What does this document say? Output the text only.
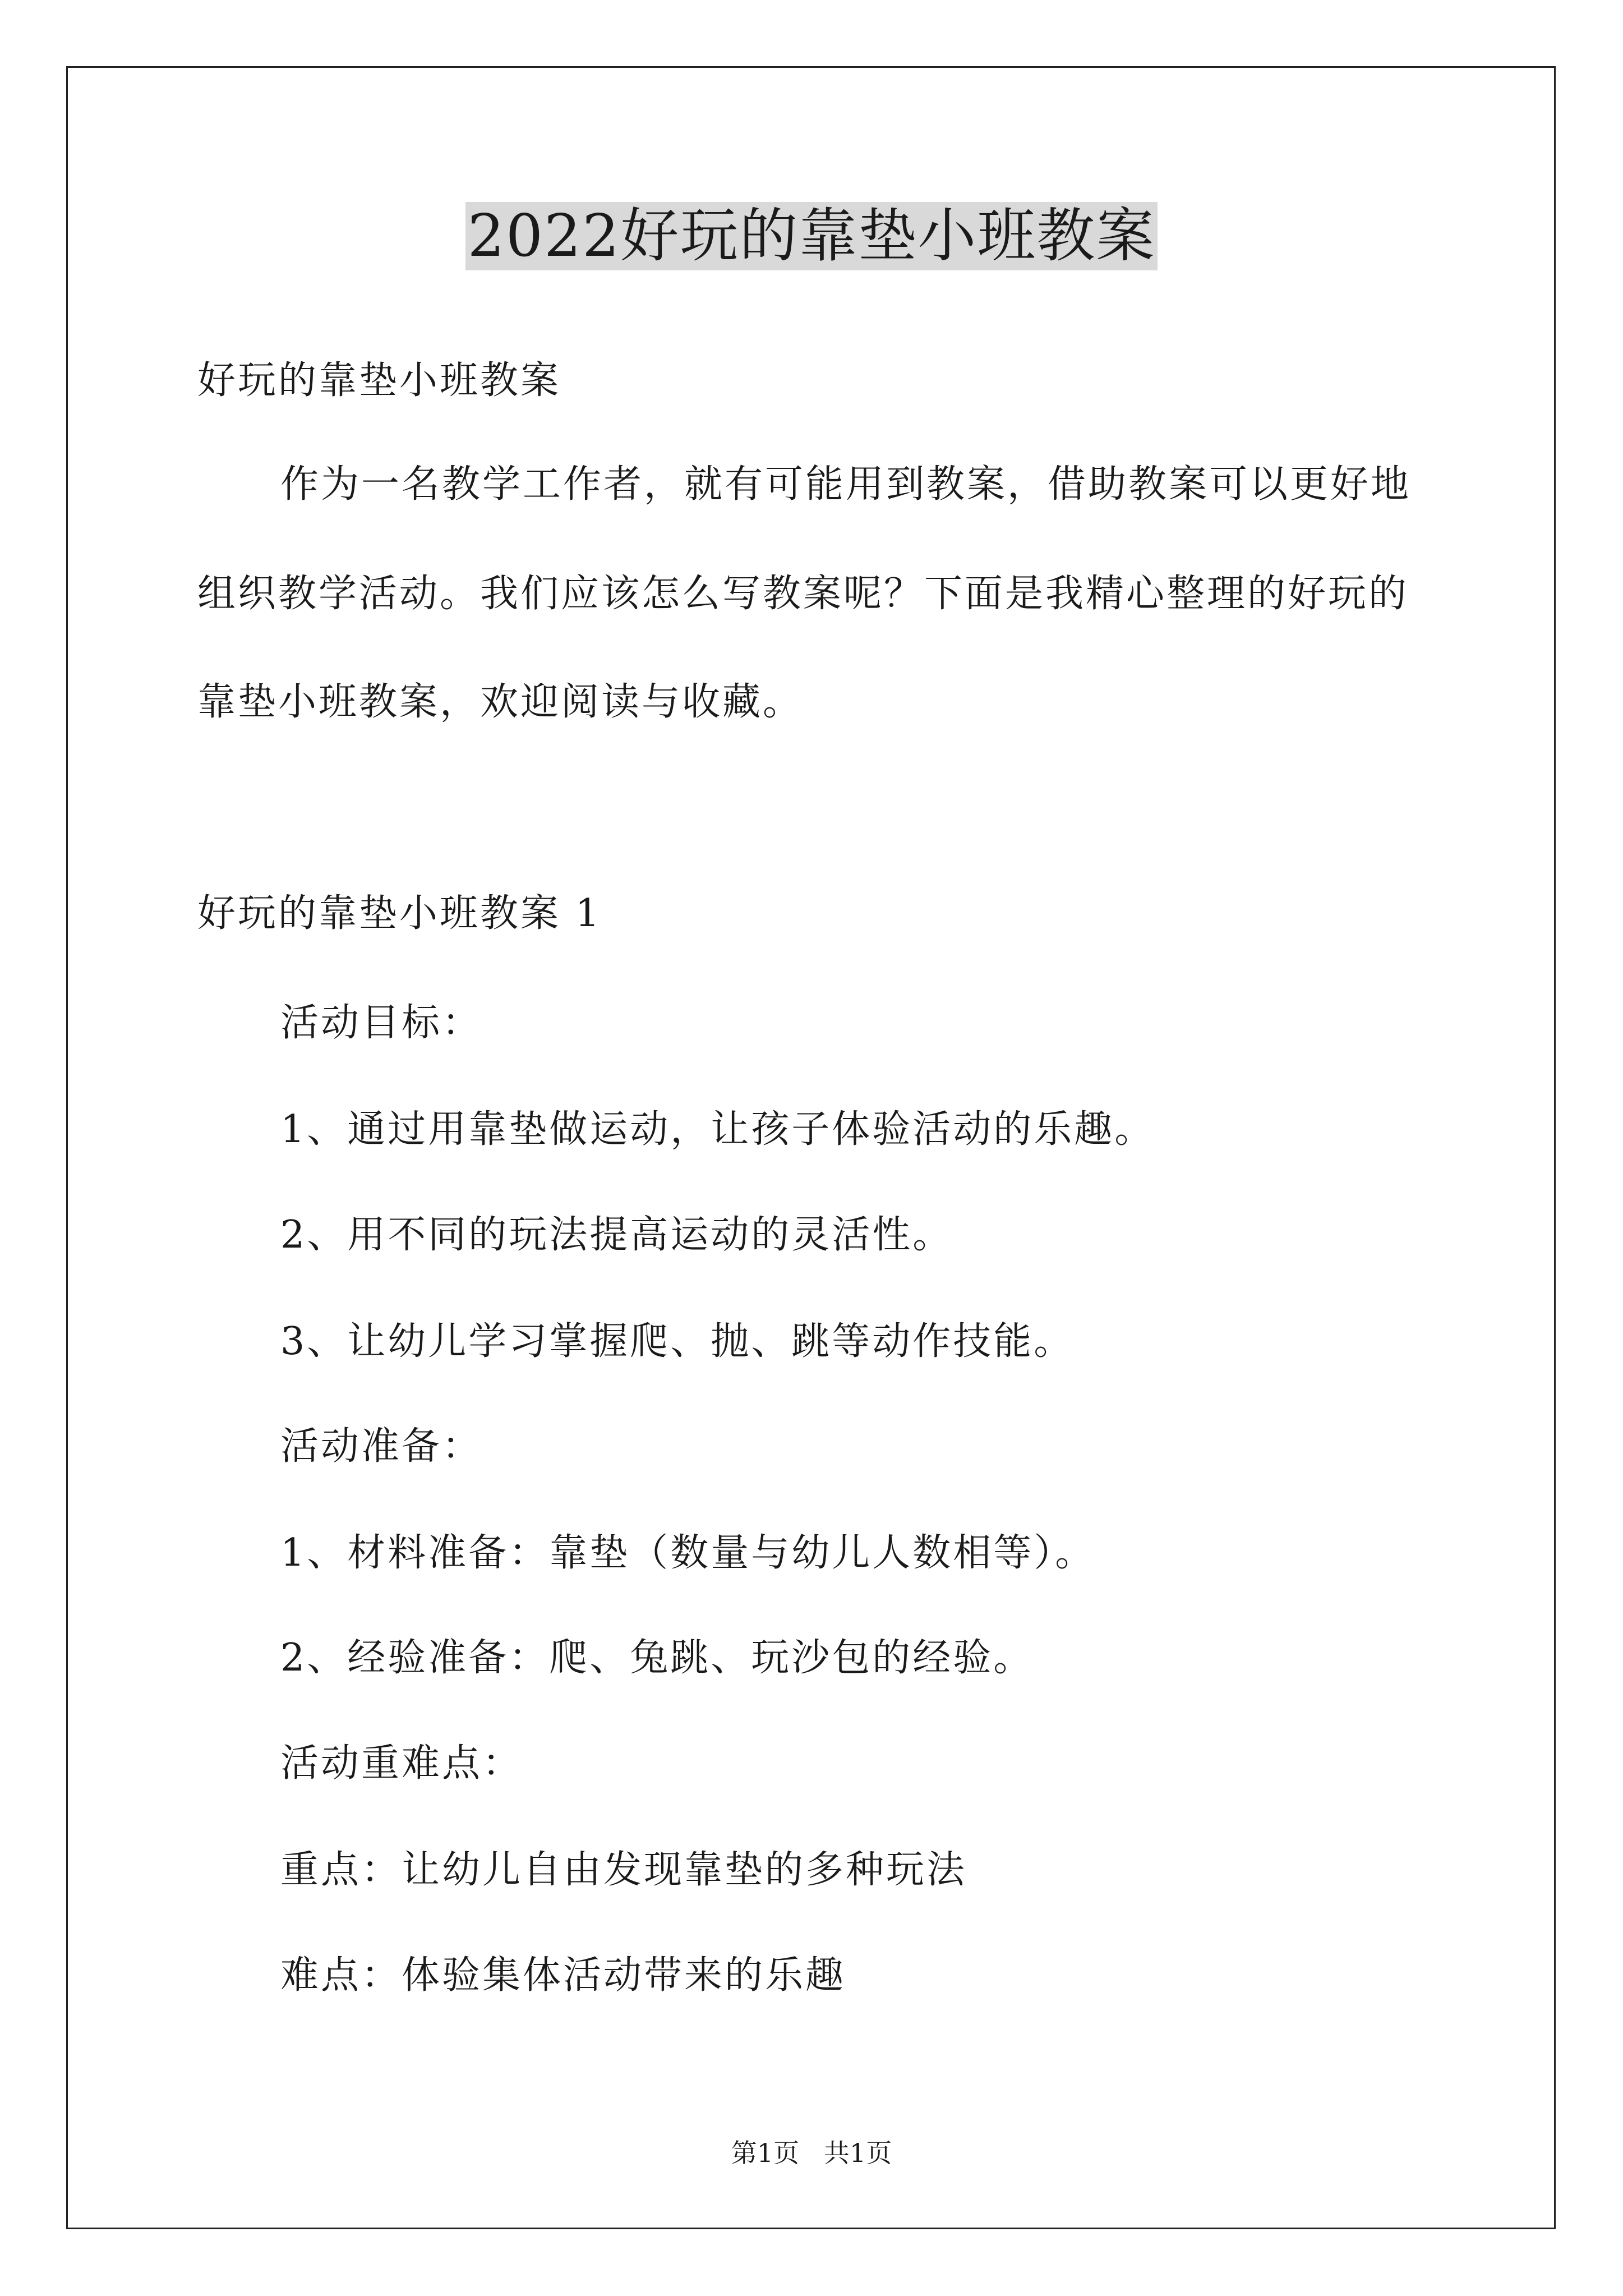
2022好玩的靠垫小班教案
好玩的靠垫小班教案
作为一名教学工作者，就有可能用到教案，借助教案可以更好地
组织教学活动。我们应该怎么写教案呢？下面是我精心整理的好玩的
靠垫小班教案，欢迎阅读与收藏。
好玩的靠垫小班教案 1
活动目标：
1、通过用靠垫做运动，让孩子体验活动的乐趣。
2、用不同的玩法提高运动的灵活性。
3、让幼儿学习掌握爬、抛、跳等动作技能。
活动准备：
1、材料准备：靠垫（数量与幼儿人数相等）。
2、经验准备：爬、兔跳、玩沙包的经验。
活动重难点：
重点：让幼儿自由发现靠垫的多种玩法
难点：体验集体活动带来的乐趣
第1页   共1页
